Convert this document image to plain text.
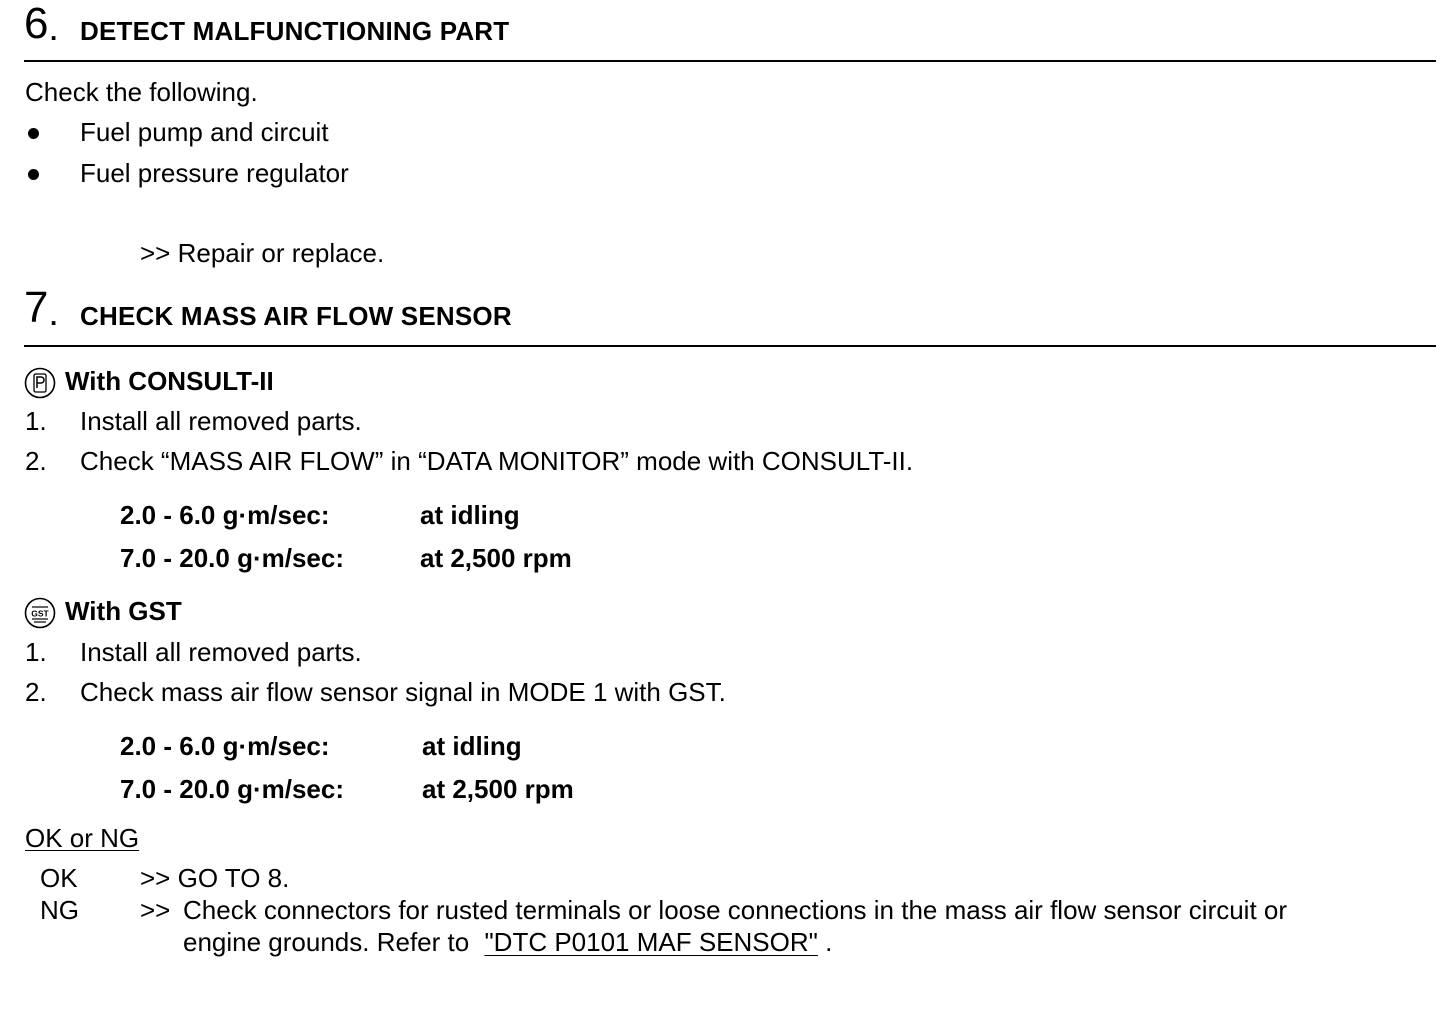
6 . DETECT MALFUNCTIONING PART
Check the following.
Fuel pump and circuit
Fuel pressure regulator
>> Repair or replace.
7 . CHECK MASS AIR FLOW SENSOR
With CONSULT-II
1. Install all removed parts.
2. Check “MASS AIR FLOW” in “DATA MONITOR” mode with CONSULT-II.
2.0 - 6.0 g·m/sec:	at idling
7.0 - 20.0 g·m/sec:	at 2,500 rpm
GST With GST
1. Install all removed parts.
2. Check mass air flow sensor signal in MODE 1 with GST.
2.0 - 6.0 g·m/sec:	at idling
7.0 - 20.0 g·m/sec:	at 2,500 rpm
OK or NG
OK >> GO TO 8.
NG >> Check connectors for rusted terminals or loose connections in the mass air flow sensor circuit or
engine grounds. Refer to "DTC P0101 MAF SENSOR" .
